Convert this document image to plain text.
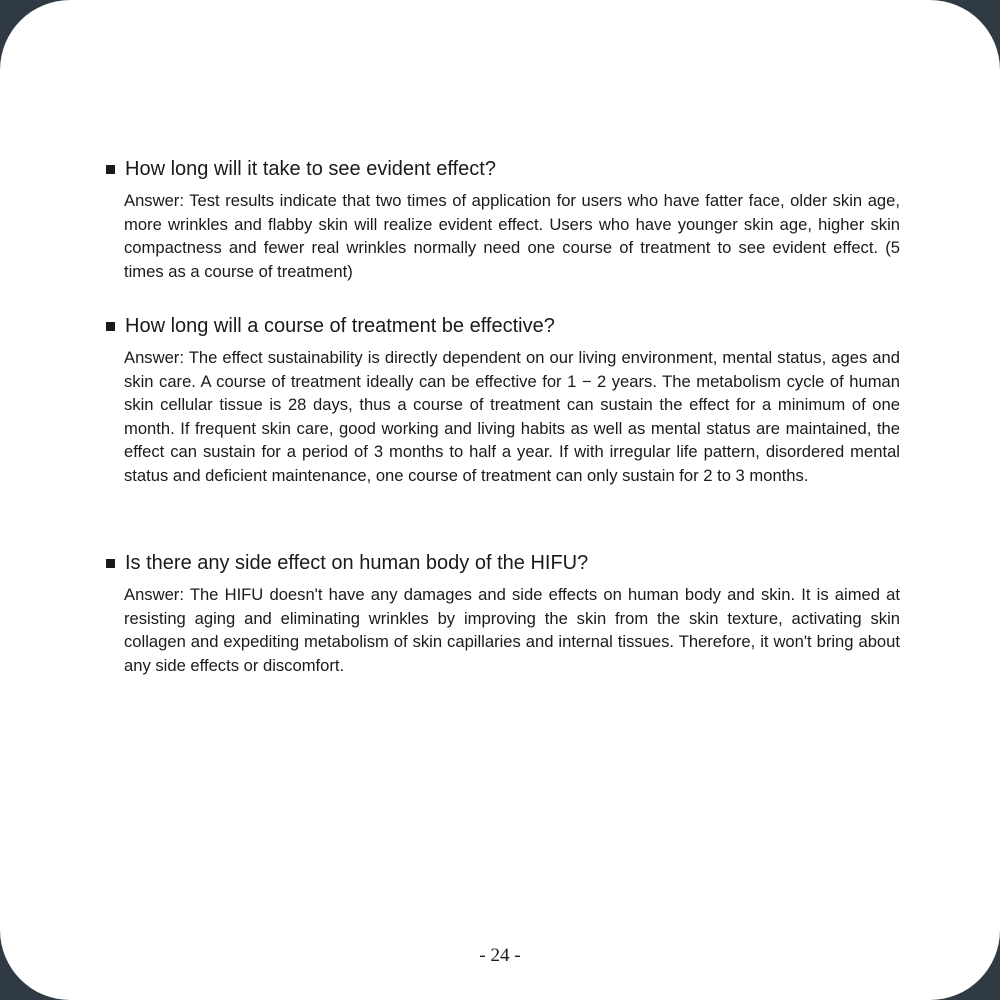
How long will it take to see evident effect?

Answer: Test results indicate that two times of application for users who have fatter face, older skin age, more wrinkles and flabby skin will realize evident effect. Users who have younger skin age, higher skin compactness and fewer real wrinkles normally need one course of treatment to see evident effect. (5 times as a course of treatment)

How long will a course of treatment be effective?

Answer: The effect sustainability is directly dependent on our living environment, mental status, ages and skin care. A course of treatment ideally can be effective for 1 − 2 years. The metabolism cycle of human skin cellular tissue is 28 days, thus a course of treatment can sustain the effect for a minimum of one month. If frequent skin care, good working and living habits as well as mental status are maintained, the effect can sustain for a period of 3 months to half a year. If with irregular life pattern, disordered mental status and deficient maintenance, one course of treatment can only sustain for 2 to 3 months.

Is there any side effect on human body of the HIFU?

Answer: The HIFU doesn't have any damages and side effects on human body and skin. It is aimed at resisting aging and eliminating wrinkles by improving the skin from the skin texture, activating skin collagen and expediting metabolism of skin capillaries and internal tissues. Therefore, it won't bring about any side effects or discomfort.

- 24 -
